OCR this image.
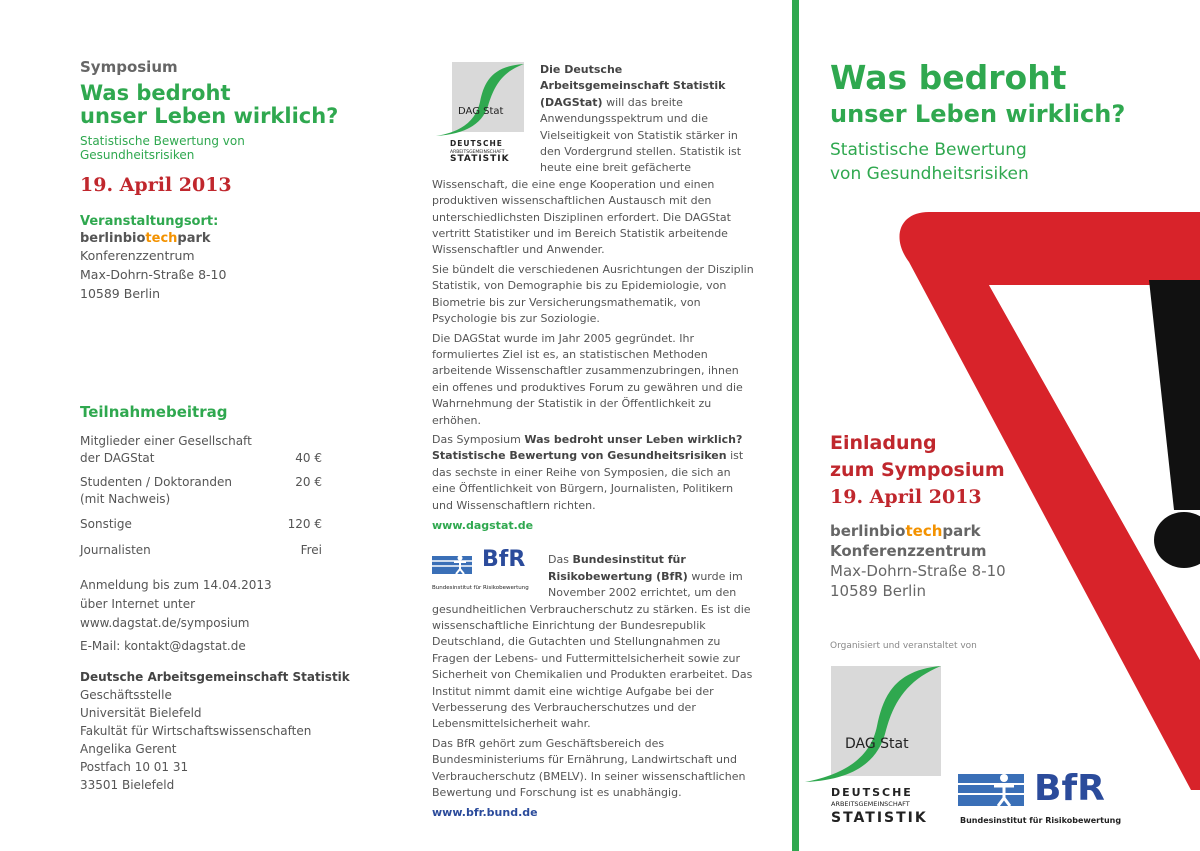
Symposium
Was bedroht
unser Leben wirklich?
Statistische Bewertung von Gesundheitsrisiken
19. April 2013
Veranstaltungsort:
berlinbiotechpark
Konferenzzentrum
Max-Dohrn-Straße 8-10
10589 Berlin
Teilnahmebeitrag
Mitglieder einer Gesellschaft
der DAGStat	40 €
Studenten / Doktoranden
(mit Nachweis)
20 €
Sonstige	120 €
Journalisten	Frei
Anmeldung bis zum 14.04.2013
über Internet unter
www.dagstat.de/symposium
E-Mail: kontakt@dagstat.de
Deutsche Arbeitsgemeinschaft Statistik
Geschäftsstelle
Universität Bielefeld
Fakultät für Wirtschaftswissenschaften
Angelika Gerent
Postfach 10 01 31
33501 Bielefeld
DAG Stat
DEUTSCHE
ARBEITSGEMEINSCHAFT
STATISTIK

Die Deutsche Arbeitsgemeinschaft Statistik (DAGStat) will das breite Anwendungsspektrum und die Vielseitigkeit von Statistik stärker in den Vordergrund stellen. Statistik ist heute eine breit gefächerte Wissenschaft, die eine enge Kooperation und einen produktiven wissenschaftlichen Austausch mit den unterschiedlichsten Disziplinen erfordert. Die DAGStat vertritt Statistiker und im Bereich Statistik arbeitende Wissenschaftler und Anwender.

Sie bündelt die verschiedenen Ausrichtungen der Disziplin Statistik, von Demographie bis zu Epidemiologie, von Biometrie bis zur Versicherungsmathematik, von Psychologie bis zur Soziologie.

Die DAGStat wurde im Jahr 2005 gegründet. Ihr formuliertes Ziel ist es, an statistischen Methoden arbeitende Wissenschaftler zusammenzubringen, ihnen ein offenes und produktives Forum zu gewähren und die Wahrnehmung der Statistik in der Öffentlichkeit zu erhöhen.

Das Symposium Was bedroht unser Leben wirklich? Statistische Bewertung von Gesundheitsrisiken ist das sechste in einer Reihe von Symposien, die sich an eine Öffentlichkeit von Bürgern, Journalisten, Politikern und Wissenschaftlern richten.

www.dagstat.de
BfR
Bundesinstitut für Risikobewertung

Das Bundesinstitut für Risikobewertung (BfR) wurde im November 2002 errichtet, um den gesundheitlichen Verbraucherschutz zu stärken. Es ist die wissenschaftliche Einrichtung der Bundesrepublik Deutschland, die Gutachten und Stellungnahmen zu Fragen der Lebens- und Futtermittelsicherheit sowie zur Sicherheit von Chemikalien und Produkten erarbeitet. Das Institut nimmt damit eine wichtige Aufgabe bei der Verbesserung des Verbraucherschutzes und der Lebensmittelsicherheit wahr.

Das BfR gehört zum Geschäftsbereich des Bundesministeriums für Ernährung, Landwirtschaft und Verbraucherschutz (BMELV). In seiner wissenschaftlichen Bewertung und Forschung ist es unabhängig.

www.bfr.bund.de
Was bedroht
unser Leben wirklich?
Statistische Bewertung
von Gesundheitsrisiken
Einladung
zum Symposium
19. April 2013
berlinbiotechpark
Konferenzzentrum
Max-Dohrn-Straße 8-10
10589 Berlin
Organisiert und veranstaltet von
DAG Stat
DEUTSCHE
ARBEITSGEMEINSCHAFT
STATISTIK
BfR
Bundesinstitut für Risikobewertung
